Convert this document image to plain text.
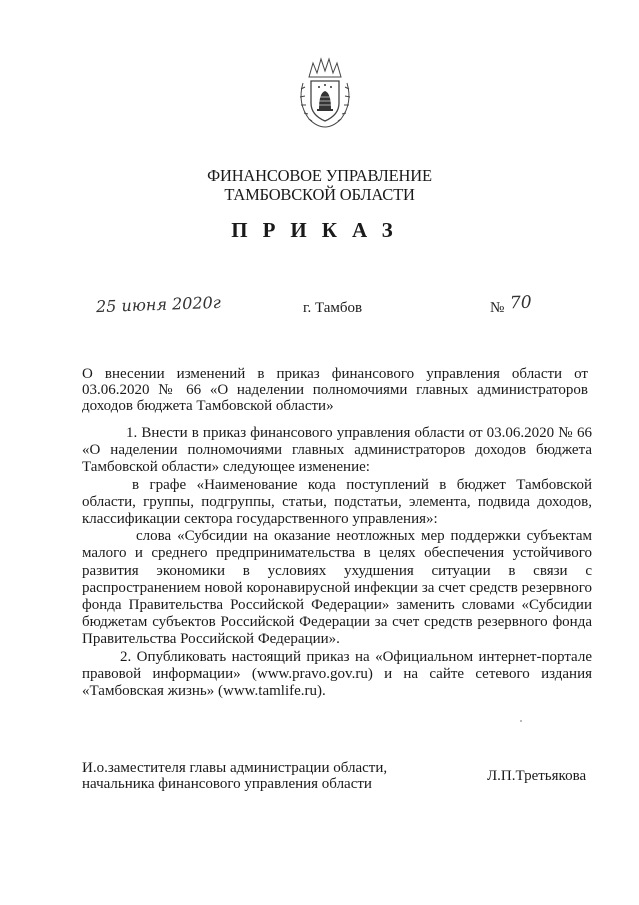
ФИНАНСОВОЕ УПРАВЛЕНИЕ
ТАМБОВСКОЙ ОБЛАСТИ
ПРИКАЗ
25 июня 2020г	г. Тамбов	№ 70
О внесении изменений в приказ финансового управления области от 03.06.2020 № 66 «О наделении полномочиями главных администраторов доходов бюджета Тамбовской области»

1. Внести в приказ финансового управления области от 03.06.2020 № 66 «О наделении полномочиями главных администраторов доходов бюджета Тамбовской области» следующее изменение:

в графе «Наименование кода поступлений в бюджет Тамбовской области, группы, подгруппы, статьи, подстатьи, элемента, подвида доходов, классификации сектора государственного управления»:

слова «Субсидии на оказание неотложных мер поддержки субъектам малого и среднего предпринимательства в целях обеспечения устойчивого развития экономики в условиях ухудшения ситуации в связи с распространением новой коронавирусной инфекции за счет средств резервного фонда Правительства Российской Федерации» заменить словами «Субсидии бюджетам субъектов Российской Федерации за счет средств резервного фонда Правительства Российской Федерации».

2. Опубликовать настоящий приказ на «Официальном интернет-портале правовой информации» (www.pravo.gov.ru) и на сайте сетевого издания «Тамбовская жизнь» (www.tamlife.ru).

И.о.заместителя главы администрации области,
начальника финансового управления области	Л.П.Третьякова
